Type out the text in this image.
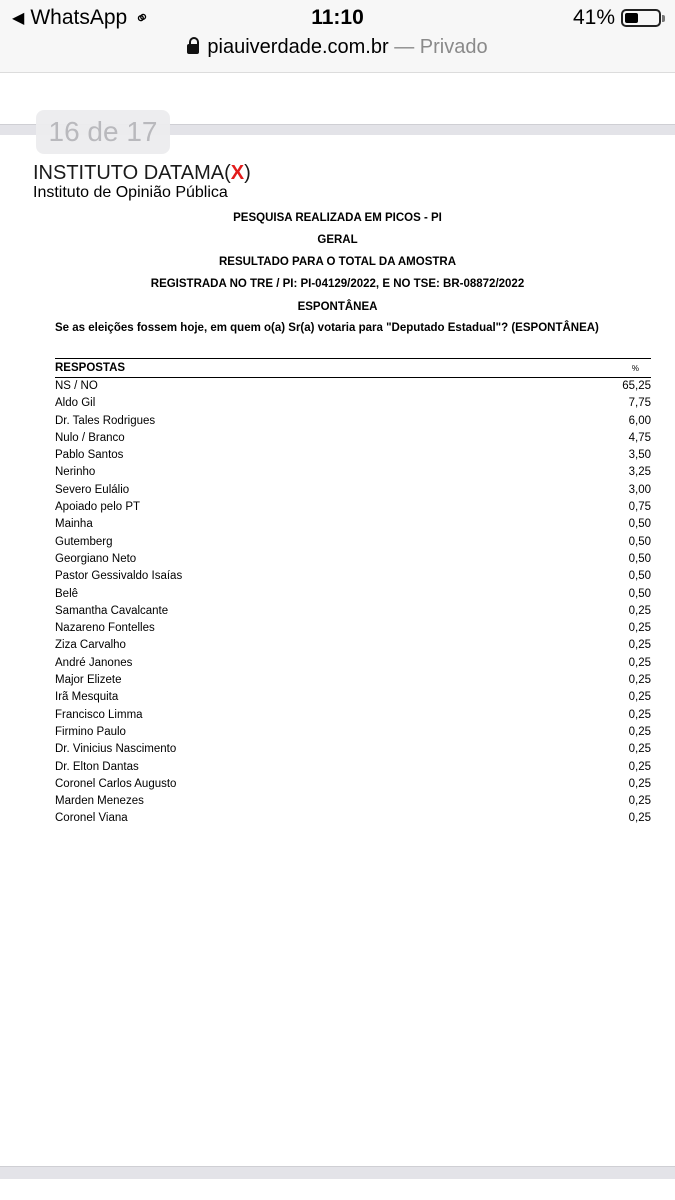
◀ WhatsApp ⚭	11:10	41%
piauiverdade.com.br — Privado
16 de 17
INSTITUTO DATAMA(X)
Instituto de Opinião Pública
PESQUISA REALIZADA EM PICOS - PI
GERAL
RESULTADO PARA O TOTAL DA AMOSTRA
REGISTRADA NO TRE / PI: PI-04129/2022, E NO TSE: BR-08872/2022
ESPONTÂNEA
Se as eleições fossem hoje, em quem o(a) Sr(a) votaria para "Deputado Estadual"? (ESPONTÂNEA)
RESPOSTAS	%
NS / NO	65,25
Aldo Gil	7,75
Dr. Tales Rodrigues	6,00
Nulo / Branco	4,75
Pablo Santos	3,50
Nerinho	3,25
Severo Eulálio	3,00
Apoiado pelo PT	0,75
Mainha	0,50
Gutemberg	0,50
Georgiano Neto	0,50
Pastor Gessivaldo Isaías	0,50
Belê	0,50
Samantha Cavalcante	0,25
Nazareno Fontelles	0,25
Ziza Carvalho	0,25
André Janones	0,25
Major Elizete	0,25
Irã Mesquita	0,25
Francisco Limma	0,25
Firmino Paulo	0,25
Dr. Vinicius Nascimento	0,25
Dr. Elton Dantas	0,25
Coronel Carlos Augusto	0,25
Marden Menezes	0,25
Coronel Viana	0,25
